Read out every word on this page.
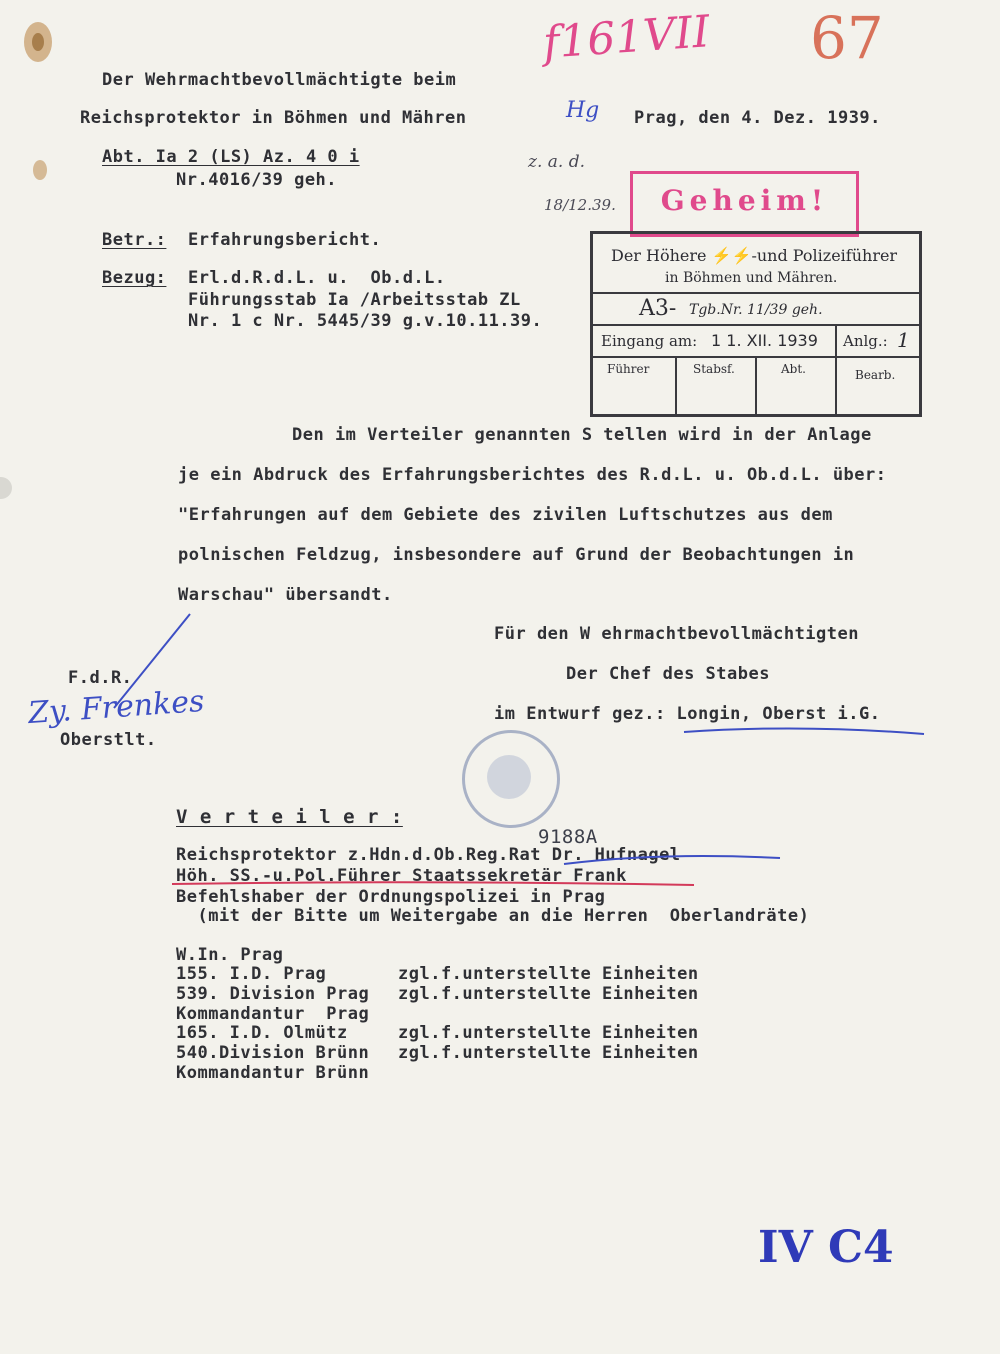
f161VII 67
Der Wehrmachtbevollmächtigte beim
Reichsprotektor in Böhmen und Mähren	Hg Prag, den 4. Dez. 1939.
Abt. Ia 2 (LS) Az. 4 0 i
Nr.4016/39 geh.
z. a. d.
18/12.39.	Geheim!
Betr.: Erfahrungsbericht.
Bezug: Erl.d.R.d.L. u.  Ob.d.L.
Führungsstab Ia /Arbeitsstab ZL
Nr. 1 c Nr. 5445/39 g.v.10.11.39.
Der Höhere ⚡⚡-und Polizeiführer
in Böhmen und Mähren.
A3- Tgb.Nr. 11/39 geh.
Eingang am: 1 1. XII. 1939 Anlg.: 1
Führer	Stabsf.	Abt.	Bearb.
Den im Verteiler genannten S tellen wird in der Anlage
je ein Abdruck des Erfahrungsberichtes des R.d.L. u. Ob.d.L. über:
"Erfahrungen auf dem Gebiete des zivilen Luftschutzes aus dem
polnischen Feldzug, insbesondere auf Grund der Beobachtungen in
Warschau" übersandt.
Für den W ehrmachtbevollmächtigten
Der Chef des Stabes
im Entwurf gez.: Longin, Oberst i.G.
F.d.R.
Zy. Frenkes
Oberstlt.
V e r t e i l e r :
9188A
Reichsprotektor z.Hdn.d.Ob.Reg.Rat Dr. Hufnagel
Höh. SS.-u.Pol.Führer Staatssekretär Frank
Befehlshaber der Ordnungspolizei in Prag
(mit der Bitte um Weitergabe an die Herren  Oberlandräte)
W.In. Prag
155. I.D. Prag	zgl.f.unterstellte Einheiten
539. Division Prag zgl.f.unterstellte Einheiten
Kommandantur  Prag
165. I.D. Olmütz	zgl.f.unterstellte Einheiten
540.Division Brünn zgl.f.unterstellte Einheiten
Kommandantur Brünn
IV C4
